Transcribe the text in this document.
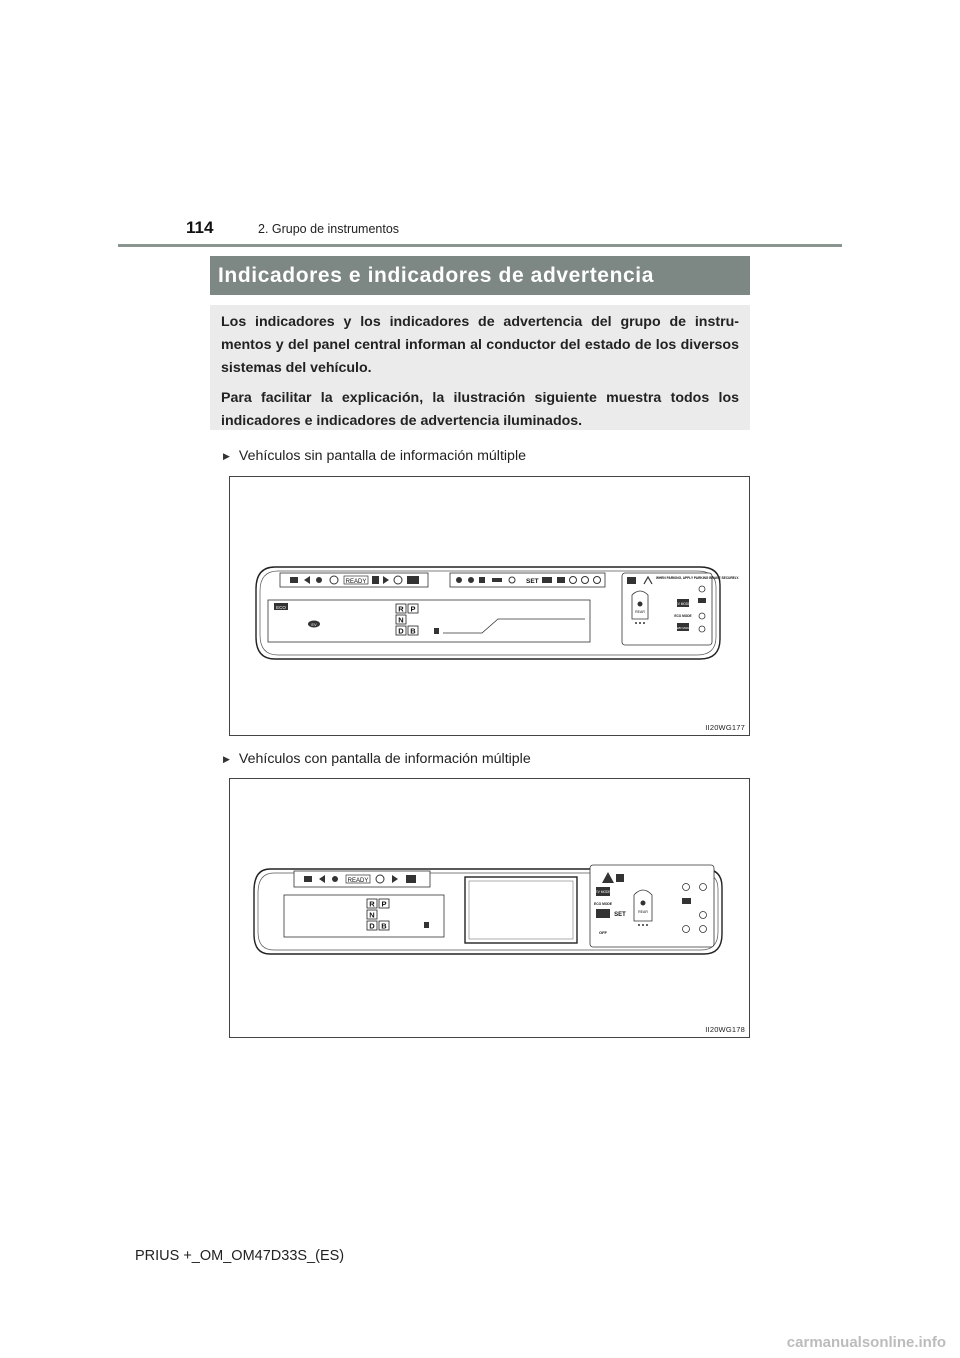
114	2. Grupo de instrumentos
Indicadores e indicadores de advertencia

Los indicadores y los indicadores de advertencia del grupo de instru-mentos y del panel central informan al conductor del estado de los diversos sistemas del vehículo.

Para facilitar la explicación, la ilustración siguiente muestra todos los indicadores e indicadores de advertencia iluminados.

▶ Vehículos sin pantalla de información múltiple
READY	SET
ECO
EV
R P
N
D B
WHEN PARKING, APPLY PARKING BRAKE SECURELY.
REAR
EV MODE
ECO MODE
PWR MODE
II20WG177
▶ Vehículos con pantalla de información múltiple
READY
R P
N
D B
EV MODE
ECO MODE
OFF
SET	REAR
II20WG178
PRIUS +_OM_OM47D33S_(ES)
carmanualsonline.info
